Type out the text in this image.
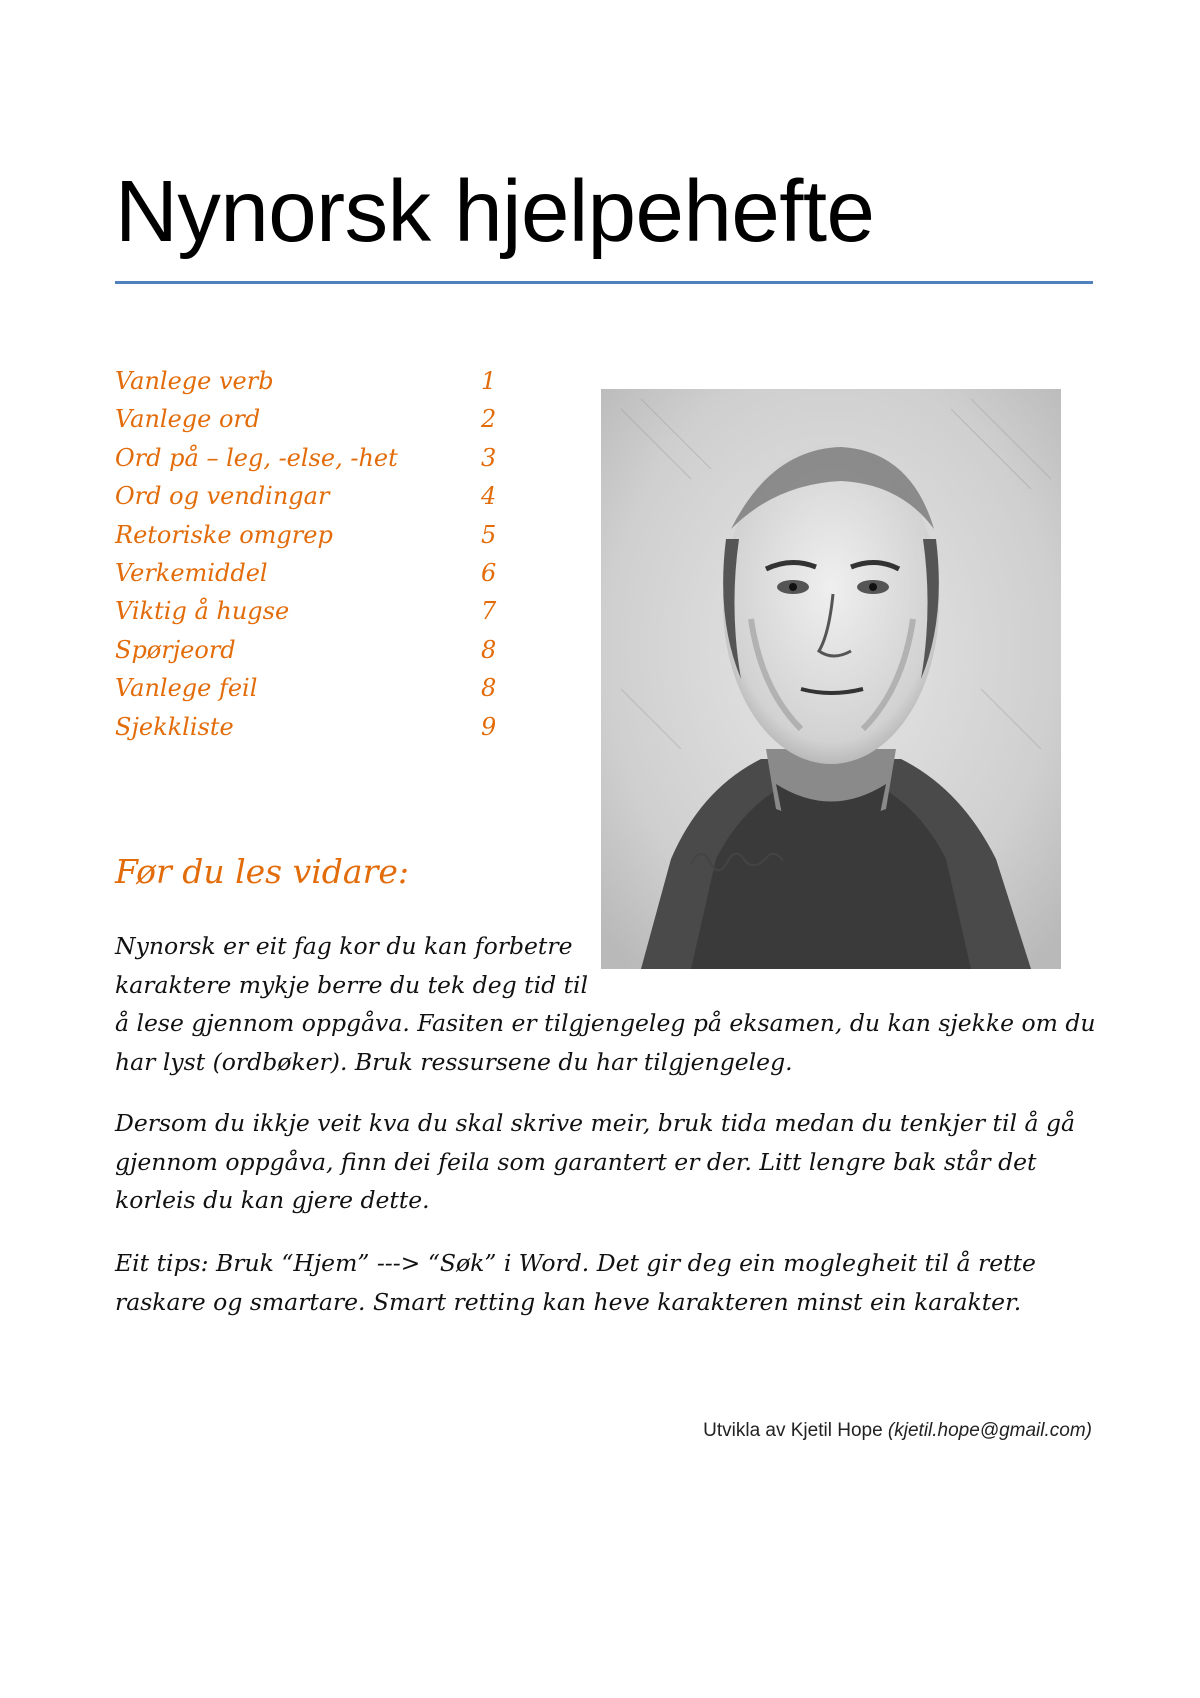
Nynorsk hjelpehefte
Vanlege verb	1
Vanlege ord	2
Ord på – leg, -else, -het	3
Ord og vendingar	4
Retoriske omgrep	5
Verkemiddel	6
Viktig å hugse	7
Spørjeord	8
Vanlege feil	8
Sjekkliste	9
Før du les vidare:
Nynorsk er eit fag kor du kan forbetre
karaktere mykje berre du tek deg tid til
å lese gjennom oppgåva. Fasiten er tilgjengeleg på eksamen, du kan sjekke om du
har lyst (ordbøker). Bruk ressursene du har tilgjengeleg.
Dersom du ikkje veit kva du skal skrive meir, bruk tida medan du tenkjer til å gå
gjennom oppgåva, finn dei feila som garantert er der. Litt lengre bak står det
korleis du kan gjere dette.
Eit tips: Bruk “Hjem” ---> “Søk” i Word. Det gir deg ein moglegheit til å rette
raskare og smartare. Smart retting kan heve karakteren minst ein karakter.
Utvikla av Kjetil Hope (kjetil.hope@gmail.com)
